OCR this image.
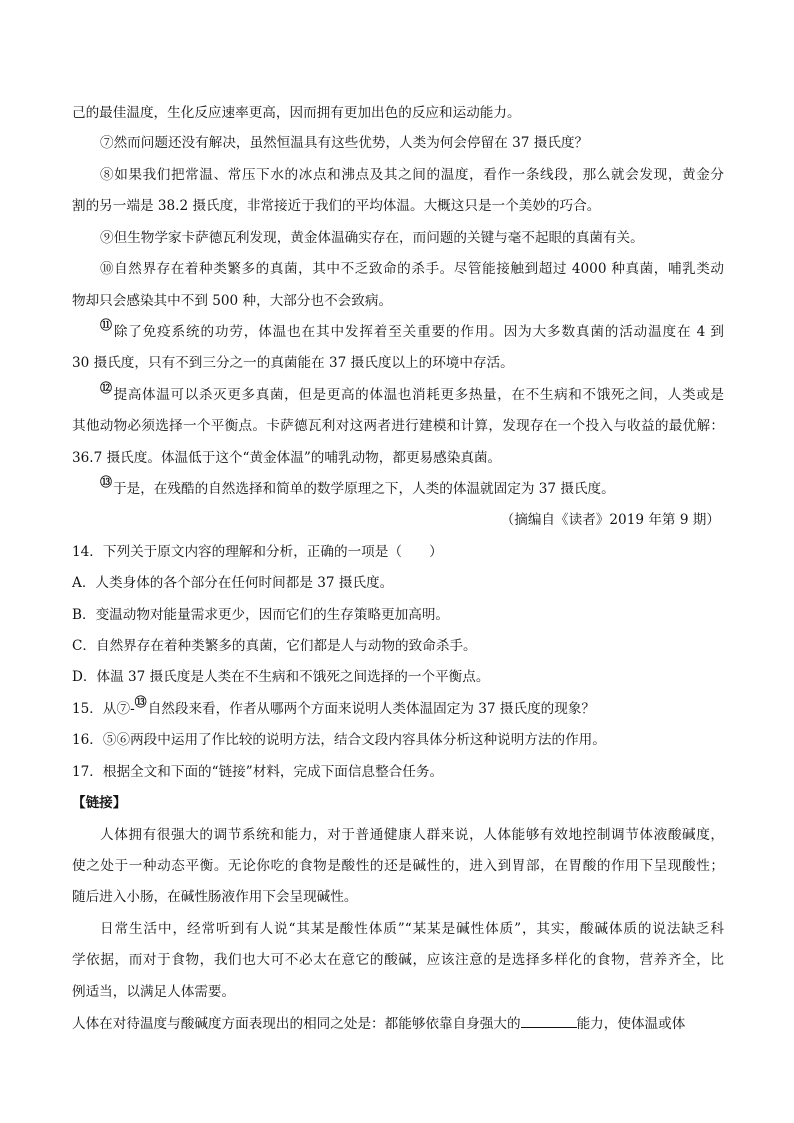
己的最佳温度，生化反应速率更高，因而拥有更加出色的反应和运动能力。
⑦然而问题还没有解决，虽然恒温具有这些优势，人类为何会停留在 37 摄氏度？
⑧如果我们把常温、常压下水的冰点和沸点及其之间的温度，看作一条线段，那么就会发现，黄金分
割的另一端是 38.2 摄氏度，非常接近于我们的平均体温。大概这只是一个美妙的巧合。
⑨但生物学家卡萨德瓦利发现，黄金体温确实存在，而问题的关键与毫不起眼的真菌有关。
⑩自然界存在着种类繁多的真菌，其中不乏致命的杀手。尽管能接触到超过 4000 种真菌，哺乳类动
物却只会感染其中不到 500 种，大部分也不会致病。
⑪除了免疫系统的功劳，体温也在其中发挥着至关重要的作用。因为大多数真菌的活动温度在 4 到
30 摄氏度，只有不到三分之一的真菌能在 37 摄氏度以上的环境中存活。
⑫提高体温可以杀灭更多真菌，但是更高的体温也消耗更多热量，在不生病和不饿死之间，人类或是
其他动物必须选择一个平衡点。卡萨德瓦利对这两者进行建模和计算，发现存在一个投入与收益的最优解：
36.7 摄氏度。体温低于这个“黄金体温”的哺乳动物，都更易感染真菌。
⑬于是，在残酷的自然选择和简单的数学原理之下，人类的体温就固定为 37 摄氏度。
（摘编自《读者》2019 年第 9 期）
14．下列关于原文内容的理解和分析，正确的一项是（　　）
A．人类身体的各个部分在任何时间都是 37 摄氏度。
B．变温动物对能量需求更少，因而它们的生存策略更加高明。
C．自然界存在着种类繁多的真菌，它们都是人与动物的致命杀手。
D．体温 37 摄氏度是人类在不生病和不饿死之间选择的一个平衡点。
15．从⑦-⑬自然段来看，作者从哪两个方面来说明人类体温固定为 37 摄氏度的现象？
16．⑤⑥两段中运用了作比较的说明方法，结合文段内容具体分析这种说明方法的作用。
17．根据全文和下面的“链接”材料，完成下面信息整合任务。
【链接】
人体拥有很强大的调节系统和能力，对于普通健康人群来说，人体能够有效地控制调节体液酸碱度，
使之处于一种动态平衡。无论你吃的食物是酸性的还是碱性的，进入到胃部，在胃酸的作用下呈现酸性；
随后进入小肠，在碱性肠液作用下会呈现碱性。
日常生活中，经常听到有人说“其某是酸性体质”“某某是碱性体质”，其实，酸碱体质的说法缺乏科
学依据，而对于食物，我们也大可不必太在意它的酸碱，应该注意的是选择多样化的食物，营养齐全，比
例适当，以满足人体需要。
人体在对待温度与酸碱度方面表现出的相同之处是：都能够依靠自身强大的	能力，使体温或体
